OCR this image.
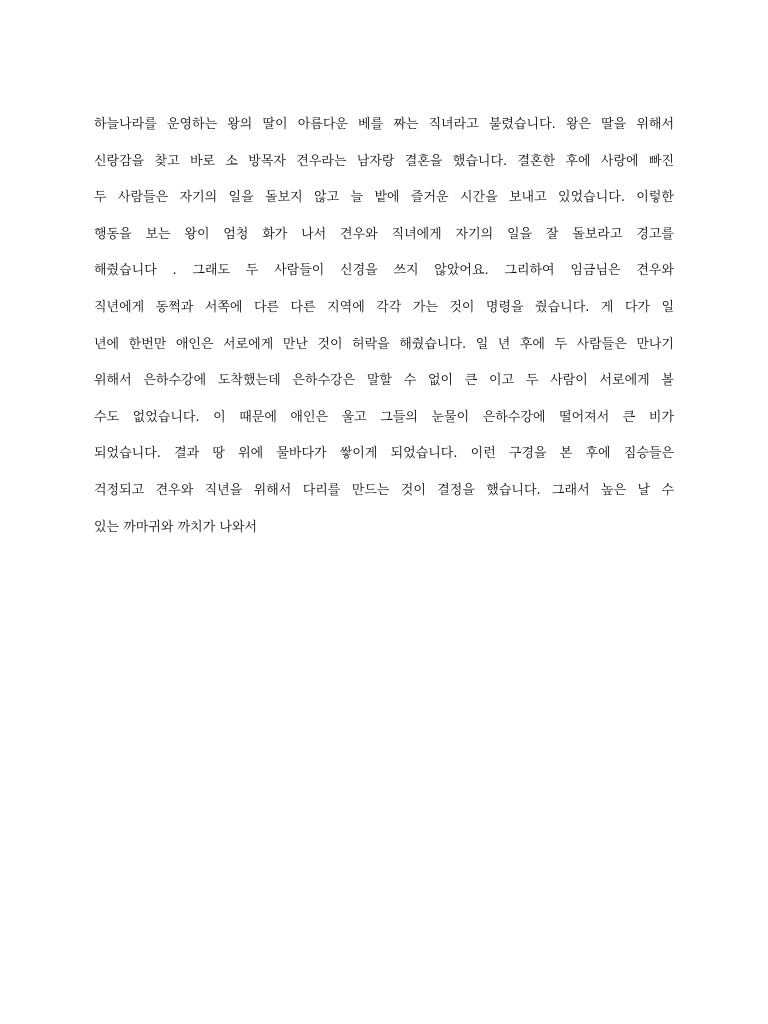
하늘나라를 운영하는 왕의 딸이 아름다운 베를 짜는 직녀라고 불렸습니다. 왕은 딸을 위해서
신랑감을 찾고 바로 소 방목자 견우라는 남자랑 결혼을 했습니다. 결혼한 후에 사랑에 빠진
두 사람들은 자기의 일을 돌보지 않고 늘 밭에 즐거운 시간을 보내고 있었습니다. 이렇한
행동을 보는 왕이 엄청 화가 나서 견우와 직녀에게 자기의 일을 잘 돌보라고 경고를
해줬습니다 . 그래도 두 사람들이 신경을 쓰지 않았어요. 그리하여 임금님은 견우와
직년에게 동쩍과 서쪽에 다른 다른 지역에 각각 가는 것이 명령을 줬습니다. 게 다가 일
년에 한번만 애인은 서로에게 만난 것이 허락을 해줬습니다. 일 년 후에 두 사람들은 만나기
위해서 은하수강에 도착했는데 은하수강은 말할 수 없이 큰 이고 두 사람이 서로에게 볼
수도 없었습니다. 이 때문에 애인은 울고 그들의 눈물이 은하수강에 떨어져서 큰 비가
되었습니다. 결과 땅 위에 물바다가 쌓이게 되었습니다. 이런 구경을 본 후에 짐승들은
걱정되고 견우와 직년을 위해서 다리를 만드는 것이 결정을 했습니다. 그래서 높은 날 수
있는 까마귀와 까치가 나와서
